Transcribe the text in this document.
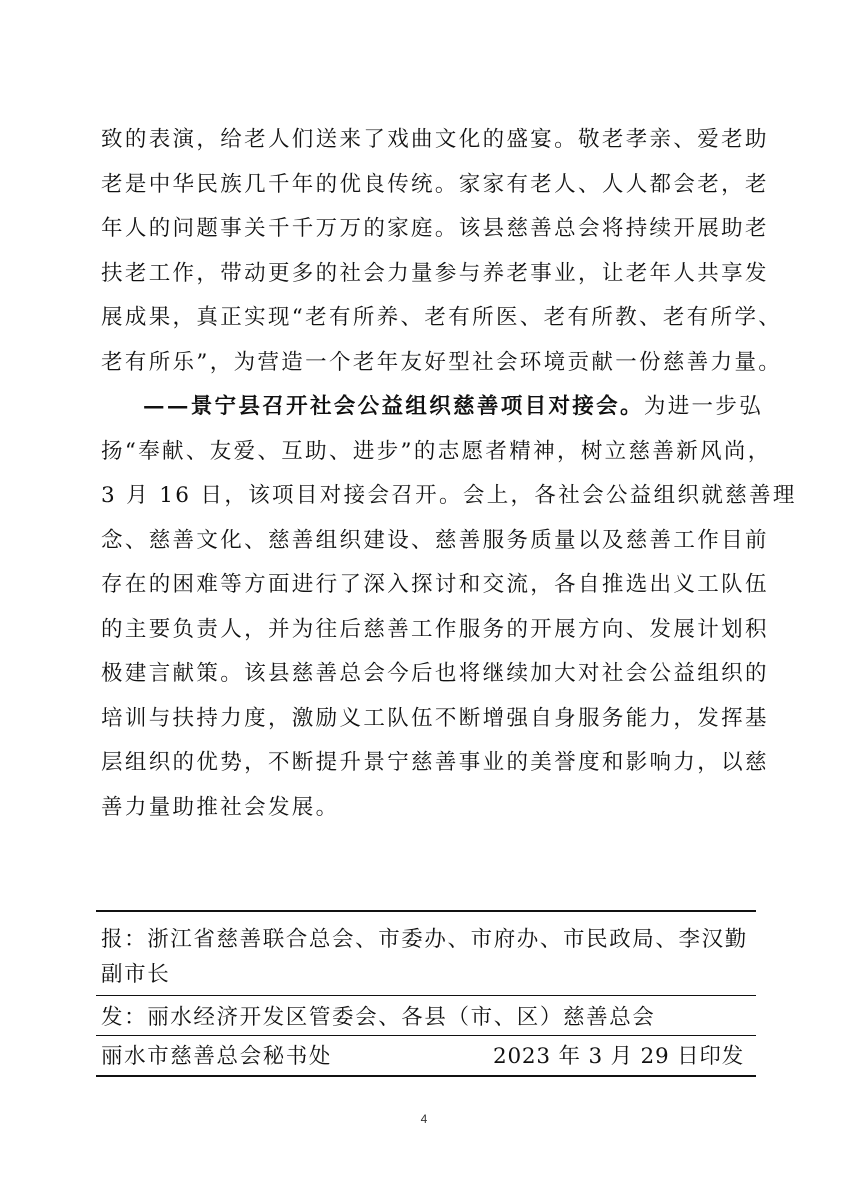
致的表演，给老人们送来了戏曲文化的盛宴。敬老孝亲、爱老助
老是中华民族几千年的优良传统。家家有老人、人人都会老，老
年人的问题事关千千万万的家庭。该县慈善总会将持续开展助老
扶老工作，带动更多的社会力量参与养老事业，让老年人共享发
展成果，真正实现“老有所养、老有所医、老有所教、老有所学、
老有所乐”，为营造一个老年友好型社会环境贡献一份慈善力量。
——景宁县召开社会公益组织慈善项目对接会。为进一步弘
扬“奉献、友爱、互助、进步”的志愿者精神，树立慈善新风尚，
3 月 16 日，该项目对接会召开。会上，各社会公益组织就慈善理
念、慈善文化、慈善组织建设、慈善服务质量以及慈善工作目前
存在的困难等方面进行了深入探讨和交流，各自推选出义工队伍
的主要负责人，并为往后慈善工作服务的开展方向、发展计划积
极建言献策。该县慈善总会今后也将继续加大对社会公益组织的
培训与扶持力度，激励义工队伍不断增强自身服务能力，发挥基
层组织的优势，不断提升景宁慈善事业的美誉度和影响力，以慈
善力量助推社会发展。
报：浙江省慈善联合总会、市委办、市府办、市民政局、李汉勤
副市长
发：丽水经济开发区管委会、各县（市、区）慈善总会
丽水市慈善总会秘书处	2023 年 3 月 29 日印发
4
